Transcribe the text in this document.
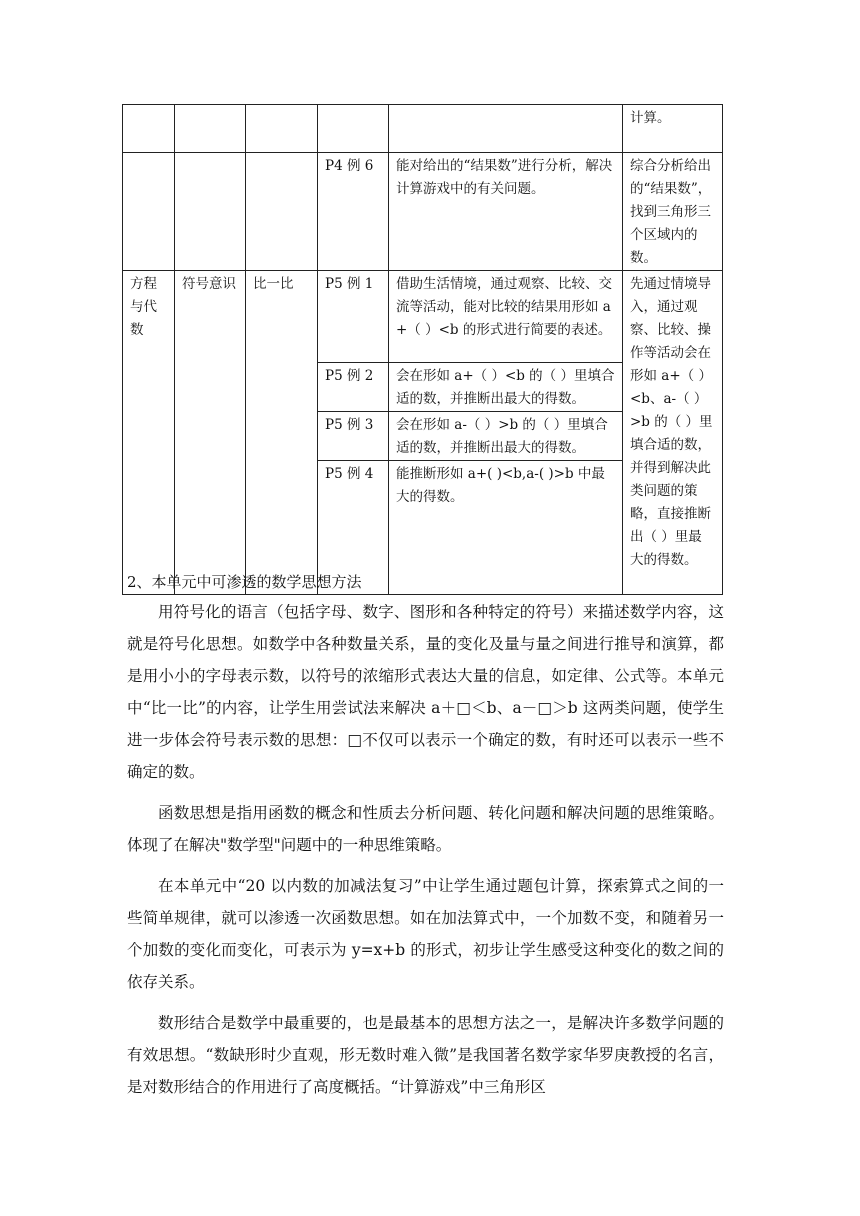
					计算。
			P4 例 6	能对给出的“结果数”进行分析，解决计算游戏中的有关问题。	综合分析给出的“结果数”，找到三角形三个区域内的数。
方程与代数	符号意识	比一比	P5 例 1	借助生活情境，通过观察、比较、交流等活动，能对比较的结果用形如 a+（ ）<b 的形式进行简要的表述。	先通过情境导入，通过观察、比较、操作等活动会在形如 a+（ ）<b、a-（ ）>b 的（ ）里填合适的数，并得到解决此类问题的策略，直接推断出（ ）里最大的得数。
			P5 例 2	会在形如 a+（ ）<b 的（ ）里填合适的数，并推断出最大的得数。	
			P5 例 3	会在形如 a-（ ）>b 的（ ）里填合适的数，并推断出最大的得数。	
			P5 例 4	能推断形如 a+( )<b,a-( )>b 中最大的得数。	
2、本单元中可渗透的数学思想方法

用符号化的语言（包括字母、数字、图形和各种特定的符号）来描述数学内容，这就是符号化思想。如数学中各种数量关系，量的变化及量与量之间进行推导和演算，都是用小小的字母表示数，以符号的浓缩形式表达大量的信息，如定律、公式等。本单元中“比一比”的内容，让学生用尝试法来解决 a＋□＜b、a－□＞b 这两类问题，使学生进一步体会符号表示数的思想：□不仅可以表示一个确定的数，有时还可以表示一些不确定的数。

函数思想是指用函数的概念和性质去分析问题、转化问题和解决问题的思维策略。体现了在解决"数学型"问题中的一种思维策略。

在本单元中“20 以内数的加减法复习”中让学生通过题包计算，探索算式之间的一些简单规律，就可以渗透一次函数思想。如在加法算式中，一个加数不变，和随着另一个加数的变化而变化，可表示为 y=x+b 的形式，初步让学生感受这种变化的数之间的依存关系。

数形结合是数学中最重要的，也是最基本的思想方法之一，是解决许多数学问题的有效思想。“数缺形时少直观，形无数时难入微”是我国著名数学家华罗庚教授的名言，是对数形结合的作用进行了高度概括。“计算游戏”中三角形区
